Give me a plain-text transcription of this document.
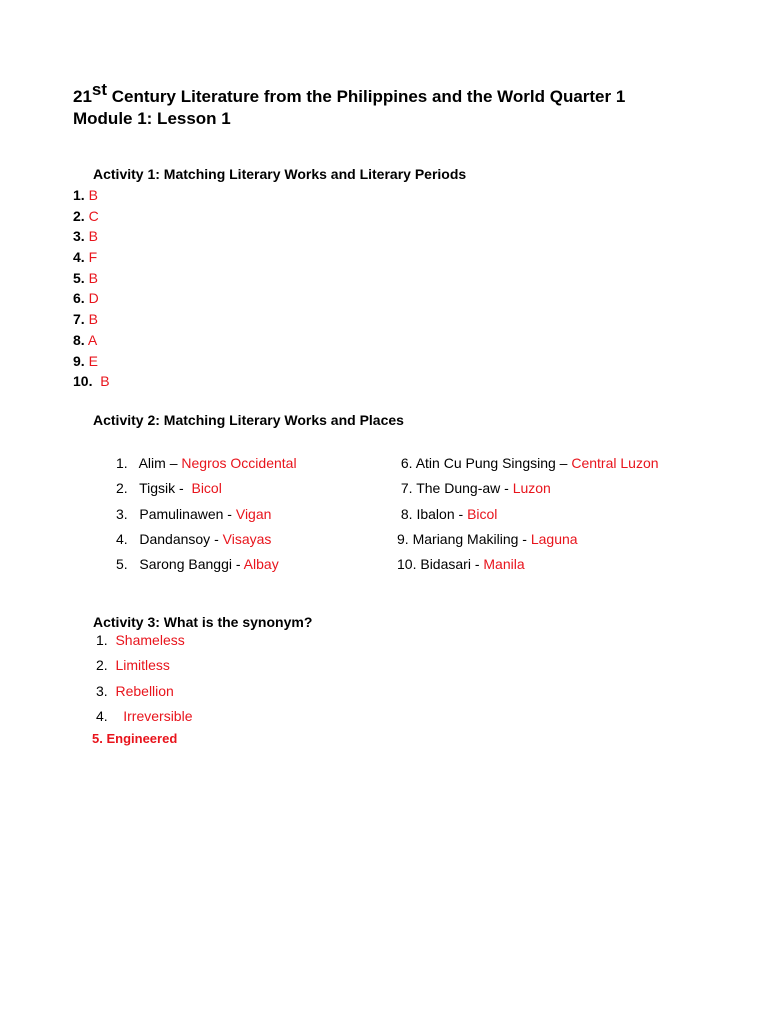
21st Century Literature from the Philippines and the World Quarter 1
Module 1: Lesson 1
Activity 1: Matching Literary Works and Literary Periods
1. B
2. C
3. B
4. F
5. B
6. D
7. B
8. A
9. E
10. B
Activity 2: Matching Literary Works and Places
1. Alim – Negros Occidental
2. Tigsik - Bicol
3. Pamulinawen - Vigan
4. Dandansoy - Visayas
5. Sarong Banggi - Albay
6. Atin Cu Pung Singsing – Central Luzon
7. The Dung-aw - Luzon
8. Ibalon - Bicol
9. Mariang Makiling - Laguna
10. Bidasari - Manila
Activity 3: What is the synonym?
1. Shameless
2. Limitless
3. Rebellion
4. Irreversible
5. Engineered
